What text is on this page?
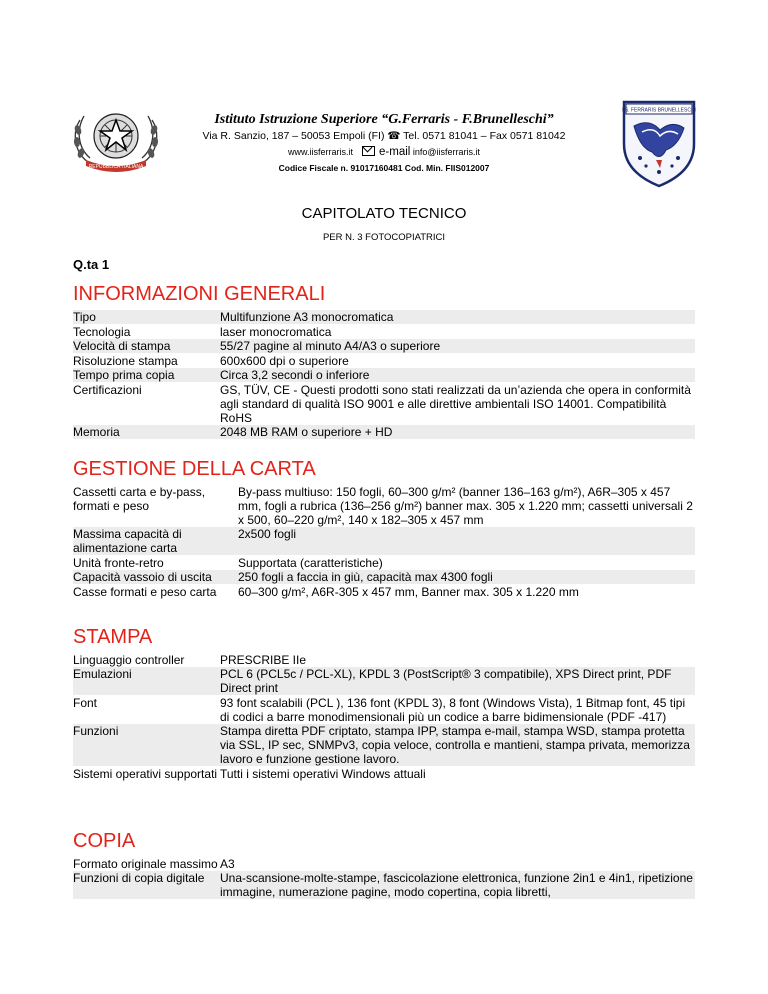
REPUBBLICA ITALIANA
I.S. FERRARIS BRUNELLESCHI
Istituto Istruzione Superiore “G.Ferraris - F.Brunelleschi”
Via R. Sanzio, 187 – 50053 Empoli (FI) ☎ Tel. 0571 81041 – Fax 0571 81042
www.iisferraris.it e-mail info@iisferraris.it
Codice Fiscale n. 91017160481 Cod. Min. FIIS012007
CAPITOLATO TECNICO
PER N. 3 FOTOCOPIATRICI
Q.ta 1
INFORMAZIONI GENERALI
Tipo	Multifunzione A3 monocromatica
Tecnologia	laser monocromatica
Velocità di stampa	55/27 pagine al minuto A4/A3 o superiore
Risoluzione stampa	600x600 dpi o superiore
Tempo prima copia	Circa 3,2 secondi o inferiore
Certificazioni	GS, TÜV, CE - Questi prodotti sono stati realizzati da un’azienda che opera in conformità agli standard di qualità ISO 9001 e alle direttive ambientali ISO 14001. Compatibilità RoHS
Memoria	2048 MB RAM o superiore + HD
GESTIONE DELLA CARTA
Cassetti carta e by-pass, formati e peso	By-pass multiuso: 150 fogli, 60–300 g/m² (banner 136–163 g/m²), A6R–305 x 457 mm, fogli a rubrica (136–256 g/m²) banner max. 305 x 1.220 mm; cassetti universali 2 x 500, 60–220 g/m², 140 x 182–305 x 457 mm
Massima capacità di alimentazione carta	2x500 fogli
Unità fronte-retro	Supportata (caratteristiche)
Capacità vassoio di uscita	250 fogli a faccia in giù, capacità max 4300 fogli
Casse formati e peso carta	60–300 g/m², A6R-305 x 457 mm, Banner max. 305 x 1.220 mm
STAMPA
Linguaggio controller	PRESCRIBE IIe
Emulazioni	PCL 6 (PCL5c / PCL-XL), KPDL 3 (PostScript® 3 compatibile), XPS Direct print, PDF Direct print
Font	93 font scalabili (PCL ), 136 font (KPDL 3), 8 font (Windows Vista), 1 Bitmap font, 45 tipi di codici a barre monodimensionali più un codice a barre bidimensionale (PDF -417)
Funzioni	Stampa diretta PDF criptato, stampa IPP, stampa e-mail, stampa WSD, stampa protetta via SSL, IP sec, SNMPv3, copia veloce, controlla e mantieni, stampa privata, memorizza lavoro e funzione gestione lavoro.
Sistemi operativi supportati	Tutti i sistemi operativi Windows attuali
COPIA
Formato originale massimo	A3
Funzioni di copia digitale	Una-scansione-molte-stampe, fascicolazione elettronica, funzione 2in1 e 4in1, ripetizione immagine, numerazione pagine, modo copertina, copia libretti,
